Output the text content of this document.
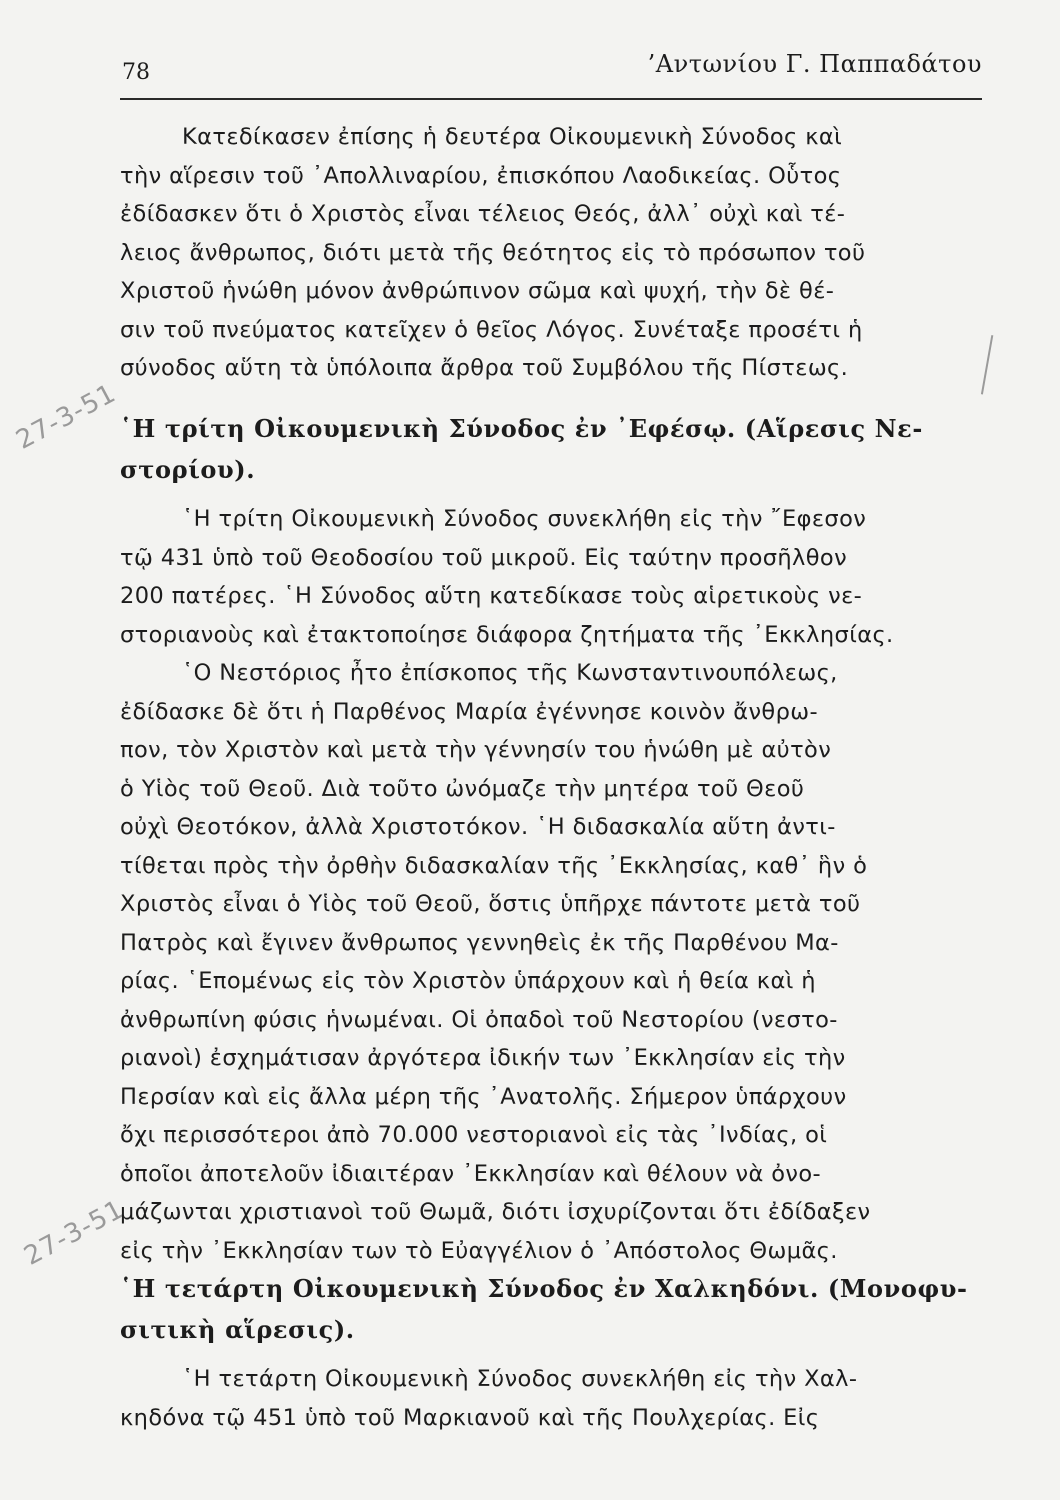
78	’Αντωνίου Γ. Παππαδάτου
27-3-51
27-3-51
Κατεδίκασεν ἐπίσης ἡ δευτέρα Οἰκουμενικὴ Σύνοδος καὶ
τὴν αἵρεσιν τοῦ ᾿Απολλιναρίου, ἐπισκόπου Λαοδικείας. Οὗτος
ἐδίδασκεν ὅτι ὁ Χριστὸς εἶναι τέλειος Θεός, ἀλλ᾿ οὐχὶ καὶ τέ-
λειος ἄνθρωπος, διότι μετὰ τῆς θεότητος εἰς τὸ πρόσωπον τοῦ
Χριστοῦ ἡνώθη μόνον ἀνθρώπινον σῶμα καὶ ψυχή, τὴν δὲ θέ-
σιν τοῦ πνεύματος κατεῖχεν ὁ θεῖος Λόγος. Συνέταξε προσέτι ἡ
σύνοδος αὕτη τὰ ὑπόλοιπα ἄρθρα τοῦ Συμβόλου τῆς Πίστεως.
῾Η τρίτη Οἰκουμενικὴ Σύνοδος ἐν ᾿Εφέσῳ. (Αἵρεσις Νε-
στορίου).
῾Η τρίτη Οἰκουμενικὴ Σύνοδος συνεκλήθη εἰς τὴν ῎Εφεσον
τῷ 431 ὑπὸ τοῦ Θεοδοσίου τοῦ μικροῦ. Εἰς ταύτην προσῆλθον
200 πατέρες. ῾Η Σύνοδος αὕτη κατεδίκασε τοὺς αἱρετικοὺς νε-
στοριανοὺς καὶ ἐτακτοποίησε διάφορα ζητήματα τῆς ᾿Εκκλησίας.
῾Ο Νεστόριος ἦτο ἐπίσκοπος τῆς Κωνσταντινουπόλεως,
ἐδίδασκε δὲ ὅτι ἡ Παρθένος Μαρία ἐγέννησε κοινὸν ἄνθρω-
πον, τὸν Χριστὸν καὶ μετὰ τὴν γέννησίν του ἡνώθη μὲ αὐτὸν
ὁ Υἱὸς τοῦ Θεοῦ. Διὰ τοῦτο ὠνόμαζε τὴν μητέρα τοῦ Θεοῦ
οὐχὶ Θεοτόκον, ἀλλὰ Χριστοτόκον. ῾Η διδασκαλία αὕτη ἀντι-
τίθεται πρὸς τὴν ὀρθὴν διδασκαλίαν τῆς ᾿Εκκλησίας, καθ᾿ ἣν ὁ
Χριστὸς εἶναι ὁ Υἱὸς τοῦ Θεοῦ, ὅστις ὑπῆρχε πάντοτε μετὰ τοῦ
Πατρὸς καὶ ἔγινεν ἄνθρωπος γεννηθεὶς ἐκ τῆς Παρθένου Μα-
ρίας. ῾Επομένως εἰς τὸν Χριστὸν ὑπάρχουν καὶ ἡ θεία καὶ ἡ
ἀνθρωπίνη φύσις ἡνωμέναι. Οἱ ὀπαδοὶ τοῦ Νεστορίου (νεστο-
ριανοὶ) ἐσχημάτισαν ἀργότερα ἰδικήν των ᾿Εκκλησίαν εἰς τὴν
Περσίαν καὶ εἰς ἄλλα μέρη τῆς ᾿Ανατολῆς. Σήμερον ὑπάρχουν
ὄχι περισσότεροι ἀπὸ 70.000 νεστοριανοὶ εἰς τὰς ᾿Ινδίας, οἱ
ὁποῖοι ἀποτελοῦν ἰδιαιτέραν ᾿Εκκλησίαν καὶ θέλουν νὰ ὀνο-
μάζωνται χριστιανοὶ τοῦ Θωμᾶ, διότι ἰσχυρίζονται ὅτι ἐδίδαξεν
εἰς τὴν ᾿Εκκλησίαν των τὸ Εὐαγγέλιον ὁ ᾿Απόστολος Θωμᾶς.
῾Η τετάρτη Οἰκουμενικὴ Σύνοδος ἐν Χαλκηδόνι. (Μονοφυ-
σιτικὴ αἵρεσις).
῾Η τετάρτη Οἰκουμενικὴ Σύνοδος συνεκλήθη εἰς τὴν Χαλ-
κηδόνα τῷ 451 ὑπὸ τοῦ Μαρκιανοῦ καὶ τῆς Πουλχερίας. Εἰς
